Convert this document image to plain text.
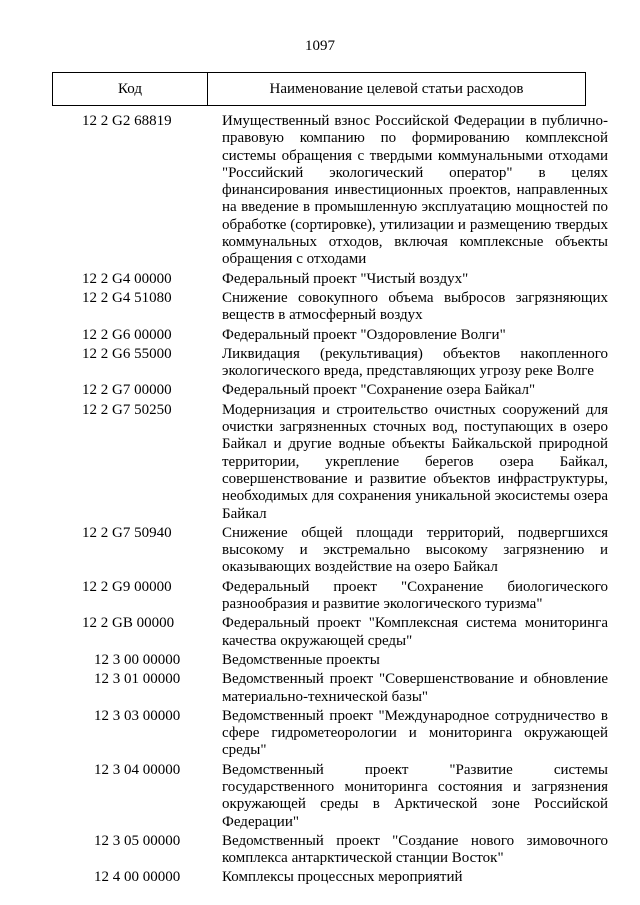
1097
Код	Наименование целевой статьи расходов
12 2 G2 68819	Имущественный взнос Российской Федерации в публично-правовую компанию по формированию комплексной системы обращения с твердыми коммунальными отходами "Российский экологический оператор" в целях финансирования инвестиционных проектов, направленных на введение в промышленную эксплуатацию мощностей по обработке (сортировке), утилизации и размещению твердых коммунальных отходов, включая комплексные объекты обращения с отходами
12 2 G4 00000	Федеральный проект "Чистый воздух"
12 2 G4 51080	Снижение совокупного объема выбросов загрязняющих веществ в атмосферный воздух
12 2 G6 00000	Федеральный проект "Оздоровление Волги"
12 2 G6 55000	Ликвидация (рекультивация) объектов накопленного экологического вреда, представляющих угрозу реке Волге
12 2 G7 00000	Федеральный проект "Сохранение озера Байкал"
12 2 G7 50250	Модернизация и строительство очистных сооружений для очистки загрязненных сточных вод, поступающих в озеро Байкал и другие водные объекты Байкальской природной территории, укрепление берегов озера Байкал, совершенствование и развитие объектов инфраструктуры, необходимых для сохранения уникальной экосистемы озера Байкал
12 2 G7 50940	Снижение общей площади территорий, подвергшихся высокому и экстремально высокому загрязнению и оказывающих воздействие на озеро Байкал
12 2 G9 00000	Федеральный проект "Сохранение биологического разнообразия и развитие экологического туризма"
12 2 GB 00000	Федеральный проект "Комплексная система мониторинга качества окружающей среды"
12 3 00 00000	Ведомственные проекты
12 3 01 00000	Ведомственный проект "Совершенствование и обновление материально-технической базы"
12 3 03 00000	Ведомственный проект "Международное сотрудничество в сфере гидрометеорологии и мониторинга окружающей среды"
12 3 04 00000	Ведомственный проект "Развитие системы государственного мониторинга состояния и загрязнения окружающей среды в Арктической зоне Российской Федерации"
12 3 05 00000	Ведомственный проект "Создание нового зимовочного комплекса антарктической станции Восток"
12 4 00 00000	Комплексы процессных мероприятий
